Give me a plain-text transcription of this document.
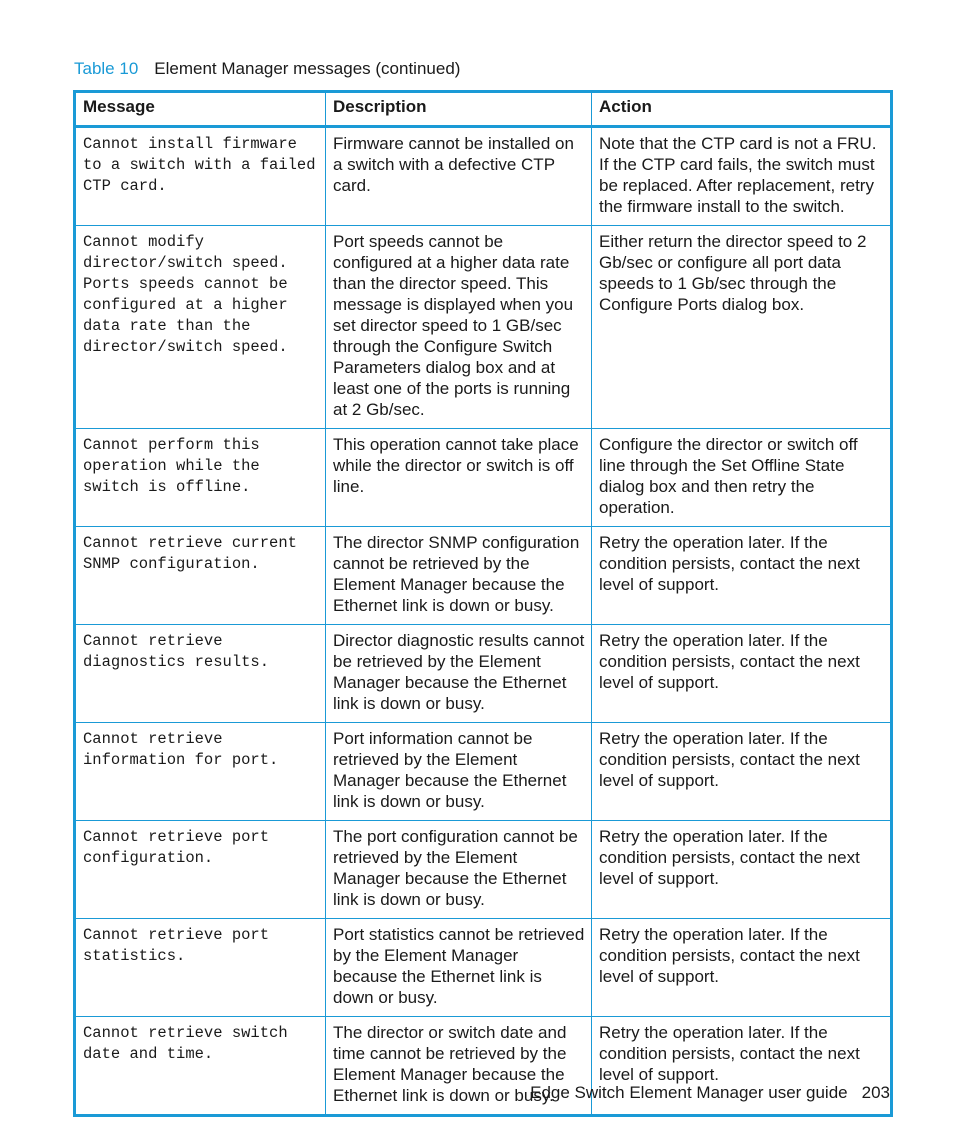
Table 10 Element Manager messages (continued)
Message	Description	Action
Cannot install firmware to a switch with a failed CTP card.	Firmware cannot be installed on a switch with a defective CTP card.	Note that the CTP card is not a FRU. If the CTP card fails, the switch must be replaced. After replacement, retry the firmware install to the switch.
Cannot modify director/switch speed. Ports speeds cannot be configured at a higher data rate than the director/switch speed.	Port speeds cannot be configured at a higher data rate than the director speed. This message is displayed when you set director speed to 1 GB/sec through the Configure Switch Parameters dialog box and at least one of the ports is running at 2 Gb/sec.	Either return the director speed to 2 Gb/sec or configure all port data speeds to 1 Gb/sec through the Configure Ports dialog box.
Cannot perform this operation while the switch is offline.	This operation cannot take place while the director or switch is off line.	Configure the director or switch off line through the Set Offline State dialog box and then retry the operation.
Cannot retrieve current SNMP configuration.	The director SNMP configuration cannot be retrieved by the Element Manager because the Ethernet link is down or busy.	Retry the operation later. If the condition persists, contact the next level of support.
Cannot retrieve diagnostics results.	Director diagnostic results cannot be retrieved by the Element Manager because the Ethernet link is down or busy.	Retry the operation later. If the condition persists, contact the next level of support.
Cannot retrieve information for port.	Port information cannot be retrieved by the Element Manager because the Ethernet link is down or busy.	Retry the operation later. If the condition persists, contact the next level of support.
Cannot retrieve port configuration.	The port configuration cannot be retrieved by the Element Manager because the Ethernet link is down or busy.	Retry the operation later. If the condition persists, contact the next level of support.
Cannot retrieve port statistics.	Port statistics cannot be retrieved by the Element Manager because the Ethernet link is down or busy.	Retry the operation later. If the condition persists, contact the next level of support.
Cannot retrieve switch date and time.	The director or switch date and time cannot be retrieved by the Element Manager because the Ethernet link is down or busy.	Retry the operation later. If the condition persists, contact the next level of support.
Edge Switch Element Manager user guide 203
